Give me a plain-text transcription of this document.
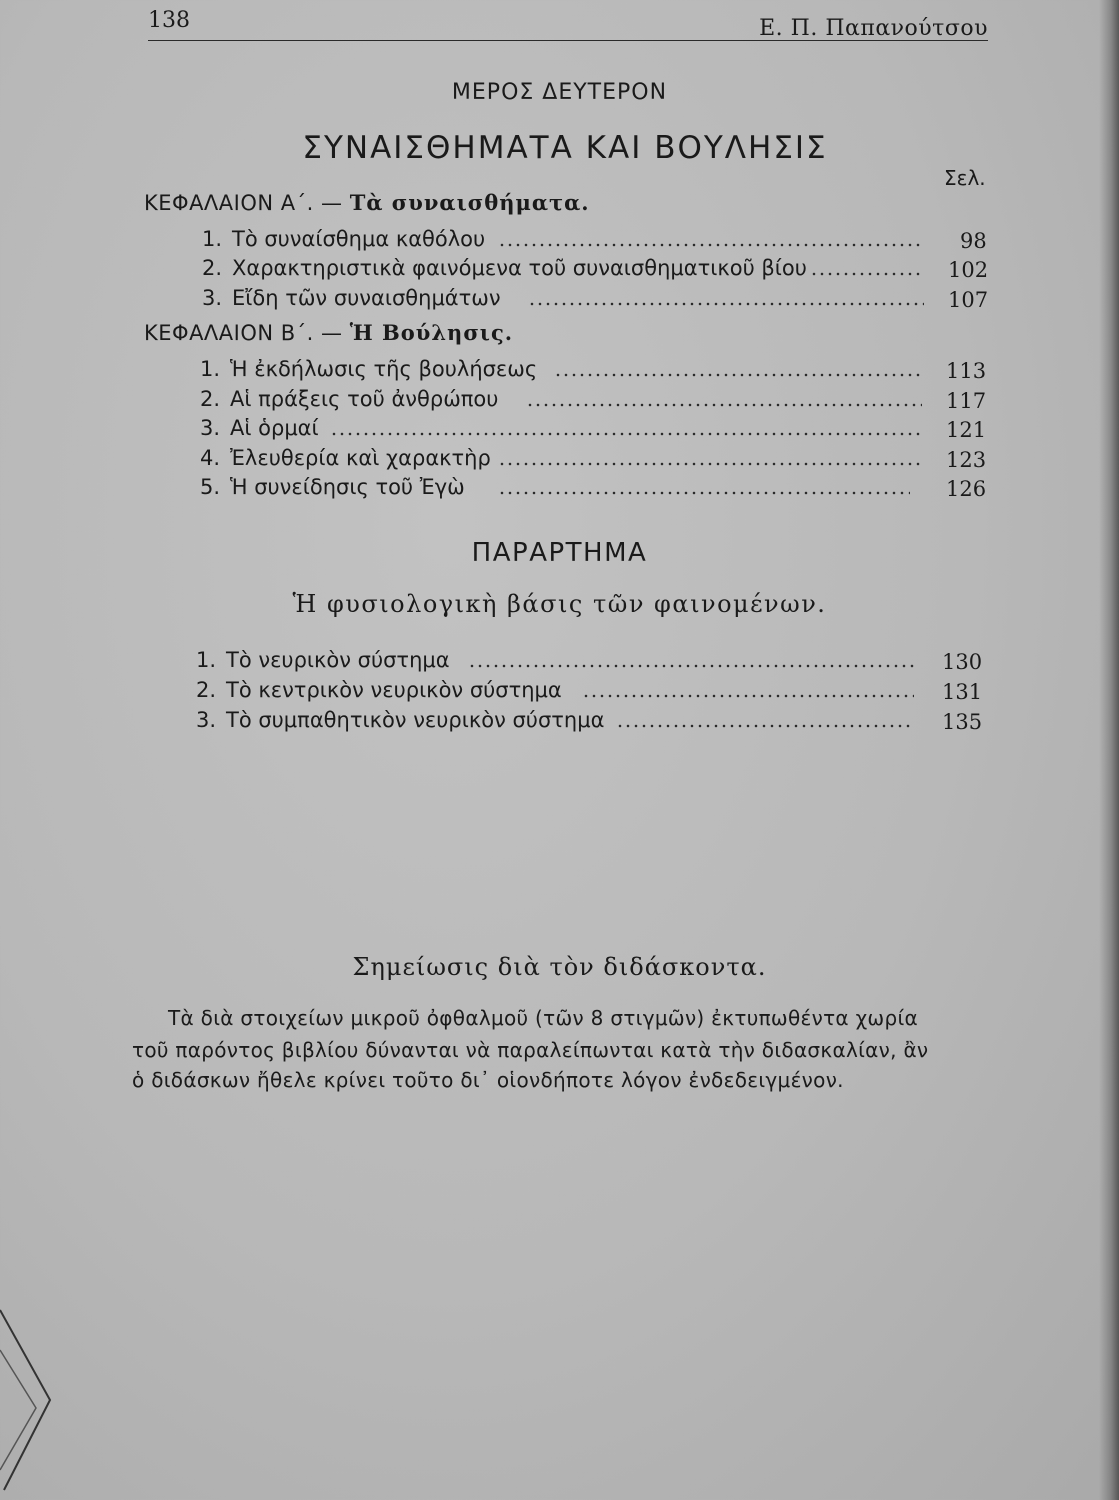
138	Ε. Π. Παπανούτσου
ΜΕΡΟΣ ΔΕΥΤΕΡΟΝ
ΣΥΝΑΙΣΘΗΜΑΤΑ ΚΑΙ ΒΟΥΛΗΣΙΣ
Σελ.
ΚΕΦΑΛΑΙΟΝ Α΄. — Τὰ συναισθήματα.
1. Τὸ συναίσθημα καθόλου	98
2. Χαρακτηριστικὰ φαινόμενα τοῦ συναισθηματικοῦ βίου	102
3. Εἴδη τῶν συναισθημάτων	107
ΚΕΦΑΛΑΙΟΝ Β΄. — Ἡ Βούλησις.
1. Ἡ ἐκδήλωσις τῆς βουλήσεως	113
2. Αἱ πράξεις τοῦ ἀνθρώπου	117
3. Αἱ ὁρμαί	121
4. Ἐλευθερία καὶ χαρακτὴρ	123
5. Ἡ συνείδησις τοῦ Ἐγὼ	126
ΠΑΡΑΡΤΗΜΑ
Ἡ φυσιολογικὴ βάσις τῶν φαινομένων.
1. Τὸ νευρικὸν σύστημα	130
2. Τὸ κεντρικὸν νευρικὸν σύστημα	131
3. Τὸ συμπαθητικὸν νευρικὸν σύστημα	135
Σημείωσις διὰ τὸν διδάσκοντα.
Τὰ διὰ στοιχείων μικροῦ ὀφθαλμοῦ (τῶν 8 στιγμῶν) ἐκτυπωθέντα χωρία
τοῦ παρόντος βιβλίου δύνανται νὰ παραλείπωνται κατὰ τὴν διδασκαλίαν, ἂν
ὁ διδάσκων ἤθελε κρίνει τοῦτο δι᾽ οἱονδήποτε λόγον ἐνδεδειγμένον.
